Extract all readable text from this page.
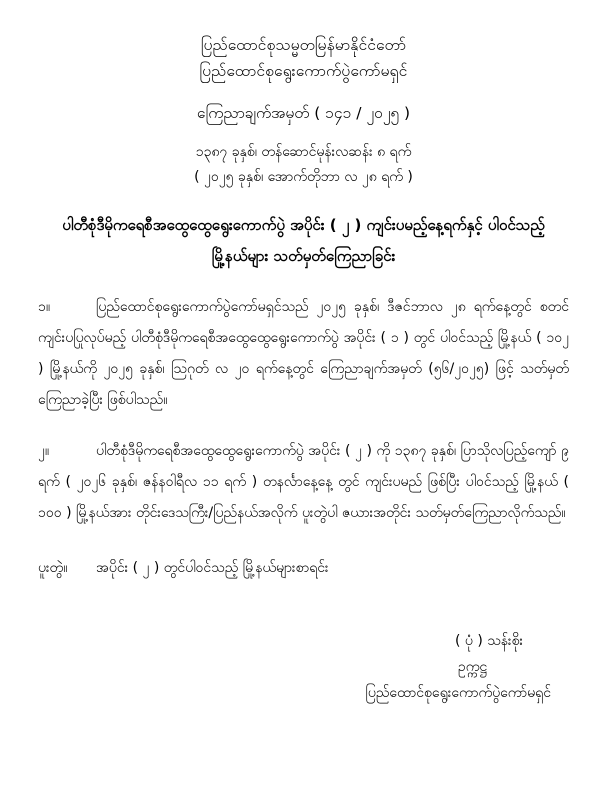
ပြည်ထောင်စုသမ္မတမြန်မာနိုင်ငံတော်
ပြည်ထောင်စုရွေးကောက်ပွဲကော်မရှင်
ကြေညာချက်အမှတ် ( ၁၄၁ / ၂၀၂၅ )
၁၃၈၇ ခုနှစ်၊ တန်ဆောင်မုန်းလဆန်း ၈ ရက်
( ၂၀၂၅ ခုနှစ်၊ အောက်တိုဘာ လ ၂၈ ရက် )
ပါတီစုံဒီမိုကရေစီအထွေထွေရွေးကောက်ပွဲ အပိုင်း ( ၂ ) ကျင်းပမည့်နေ့ရက်နှင့် ပါဝင်သည့်
မြို့နယ်များ သတ်မှတ်ကြေညာခြင်း
၁။	ပြည်ထောင်စုရွေးကောက်ပွဲကော်မရှင်သည် ၂၀၂၅ ခုနှစ်၊ ဒီဇင်ဘာလ ၂၈ ရက်နေ့တွင် စတင်ကျင်းပပြုလုပ်မည့် ပါတီစုံဒီမိုကရေစီအထွေထွေရွေးကောက်ပွဲ အပိုင်း ( ၁ ) တွင် ပါဝင်သည့် မြို့နယ် ( ၁၀၂ ) မြို့နယ်ကို ၂၀၂၅ ခုနှစ်၊ ဩဂုတ် လ ၂၀ ရက်နေ့တွင် ကြေညာချက်အမှတ် (၅၆/၂၀၂၅) ဖြင့် သတ်မှတ်ကြေညာခဲ့ပြီး ဖြစ်ပါသည်။
၂။	ပါတီစုံဒီမိုကရေစီအထွေထွေရွေးကောက်ပွဲ အပိုင်း ( ၂ ) ကို ၁၃၈၇ ခုနှစ်၊ ပြာသိုလပြည့်ကျော် ၉ ရက် ( ၂၀၂၆ ခုနှစ်၊ ဇန်နဝါရီလ ၁၁ ရက် ) တနင်္လာနေ့နေ့ တွင် ကျင်းပမည် ဖြစ်ပြီး ပါဝင်သည့် မြို့နယ် ( ၁၀၀ ) မြို့နယ်အား တိုင်းဒေသကြီး/ပြည်နယ်အလိုက် ပူးတွဲပါ ဇယားအတိုင်း သတ်မှတ်ကြေညာလိုက်သည်။
ပူးတွဲ။ အပိုင်း ( ၂ ) တွင်ပါဝင်သည့် မြို့နယ်များစာရင်း
( ပုံ ) သန်းစိုး
ဥက္ကဋ္ဌ
ပြည်ထောင်စုရွေးကောက်ပွဲကော်မရှင်
